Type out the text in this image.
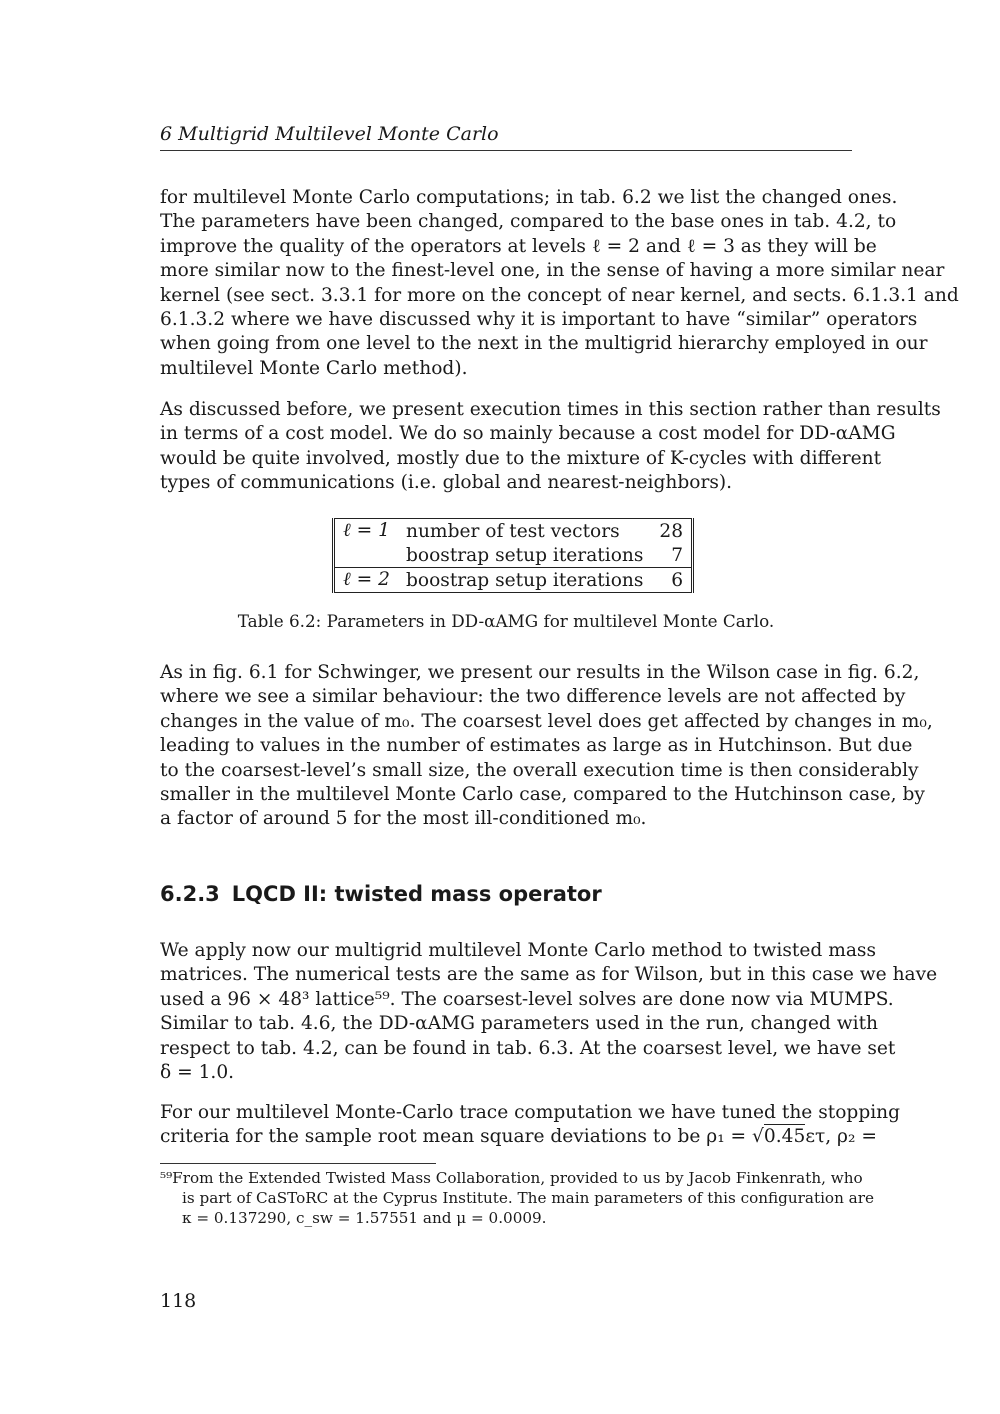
6 Multigrid Multilevel Monte Carlo
for multilevel Monte Carlo computations; in tab. 6.2 we list the changed ones.
The parameters have been changed, compared to the base ones in tab. 4.2, to
improve the quality of the operators at levels ℓ = 2 and ℓ = 3 as they will be
more similar now to the finest-level one, in the sense of having a more similar near
kernel (see sect. 3.3.1 for more on the concept of near kernel, and sects. 6.1.3.1 and
6.1.3.2 where we have discussed why it is important to have “similar” operators
when going from one level to the next in the multigrid hierarchy employed in our
multilevel Monte Carlo method).
As discussed before, we present execution times in this section rather than results
in terms of a cost model. We do so mainly because a cost model for DD-αAMG
would be quite involved, mostly due to the mixture of K-cycles with different
types of communications (i.e. global and nearest-neighbors).
ℓ = 1	number of test vectors	28
	boostrap setup iterations	7
ℓ = 2	boostrap setup iterations	6
Table 6.2: Parameters in DD-αAMG for multilevel Monte Carlo.
As in fig. 6.1 for Schwinger, we present our results in the Wilson case in fig. 6.2,
where we see a similar behaviour: the two difference levels are not affected by
changes in the value of m₀. The coarsest level does get affected by changes in m₀,
leading to values in the number of estimates as large as in Hutchinson. But due
to the coarsest-level’s small size, the overall execution time is then considerably
smaller in the multilevel Monte Carlo case, compared to the Hutchinson case, by
a factor of around 5 for the most ill-conditioned m₀.
6.2.3 LQCD II: twisted mass operator
We apply now our multigrid multilevel Monte Carlo method to twisted mass
matrices. The numerical tests are the same as for Wilson, but in this case we have
used a 96 × 48³ lattice⁵⁹. The coarsest-level solves are done now via MUMPS.
Similar to tab. 4.6, the DD-αAMG parameters used in the run, changed with
respect to tab. 4.2, can be found in tab. 6.3. At the coarsest level, we have set
δ = 1.0.
For our multilevel Monte-Carlo trace computation we have tuned the stopping
criteria for the sample root mean square deviations to be ρ₁ = √0.45ετ, ρ₂ =
⁵⁹From the Extended Twisted Mass Collaboration, provided to us by Jacob Finkenrath, who
is part of CaSToRC at the Cyprus Institute. The main parameters of this configuration are
κ = 0.137290, c_sw = 1.57551 and μ = 0.0009.
118
